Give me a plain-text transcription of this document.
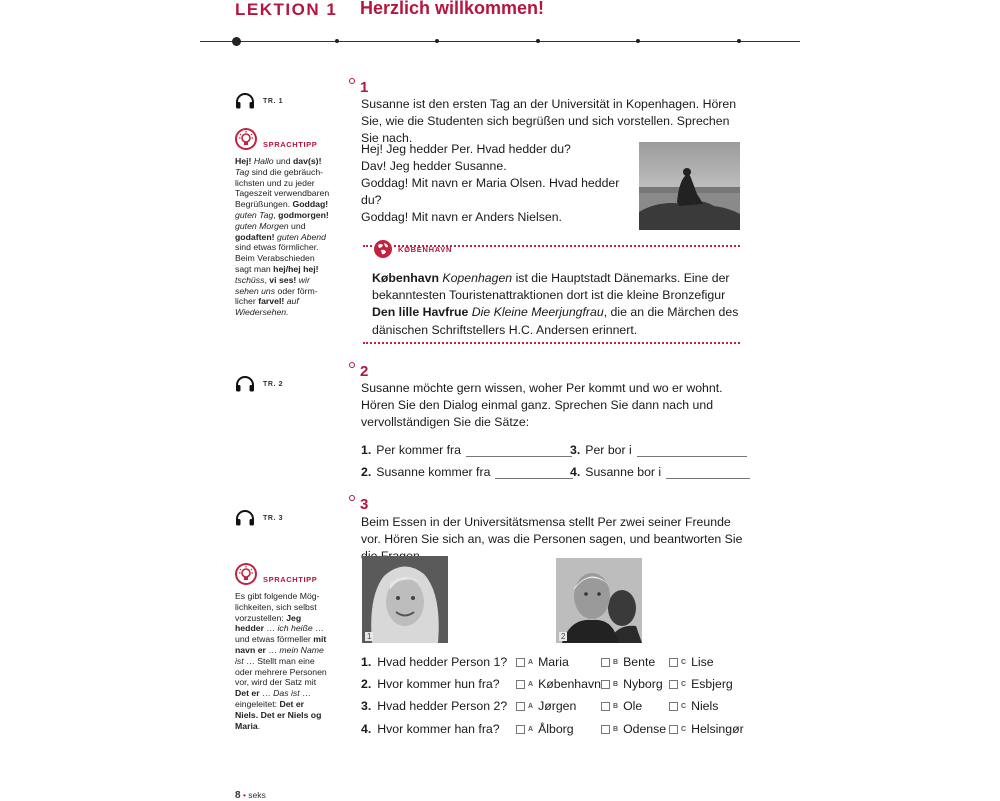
LEKTION 1 Herzlich willkommen!
TR. 1
SPRACHTIPP
Hej! Hallo und dav(s)! Tag sind die gebräuchlichsten und zu jeder Tageszeit verwendbaren Begrüßungen. Goddag! guten Tag, godmorgen! guten Morgen und godaften! guten Abend sind etwas förmlicher. Beim Verabschieden sagt man hej/hej hej! tschüss, vi ses! wir sehen uns oder förmlicher farvel! auf Wiedersehen.
1
Susanne ist den ersten Tag an der Universität in Kopenhagen. Hören Sie, wie die Studenten sich begrüßen und sich vorstellen. Sprechen Sie nach.
Hej! Jeg hedder Per. Hvad hedder du?
Dav! Jeg hedder Susanne.
Goddag! Mit navn er Maria Olsen. Hvad hedder du?
Goddag! Mit navn er Anders Nielsen.
KØBENHAVN
København Kopenhagen ist die Hauptstadt Dänemarks. Eine der bekanntesten Touristenattraktionen dort ist die kleine Bronzefigur Den lille Havfrue Die Kleine Meerjungfrau, die an die Märchen des dänischen Schriftstellers H.C. Andersen erinnert.
TR. 2
2
Susanne möchte gern wissen, woher Per kommt und wo er wohnt. Hören Sie den Dialog einmal ganz. Sprechen Sie dann nach und vervollständigen Sie die Sätze:
1. Per kommer fra	3. Per bor i
2. Susanne kommer fra	4. Susanne bor i
TR. 3
SPRACHTIPP
Es gibt folgende Möglichkeiten, sich selbst vorzustellen: Jeg hedder … ich heiße … und etwas förmeller mit navn er … mein Name ist … Stellt man eine oder mehrere Personen vor, wird der Satz mit Det er … Das ist … eingeleitet: Det er Niels. Det er Niels og Maria.
3
Beim Essen in der Universitätsmensa stellt Per zwei seiner Freunde vor. Hören Sie sich an, was die Personen sagen, und beantworten Sie
1	2
1. Hvad hedder Person 1?	A Maria	B Bente	C Lise
2. Hvor kommer hun fra?	A København B Nyborg	C Esbjerg
3. Hvad hedder Person 2?	A Jørgen	B Ole	C Niels
4. Hvor kommer han fra?	A Ålborg	B Odense C Helsingør
8 • seks
